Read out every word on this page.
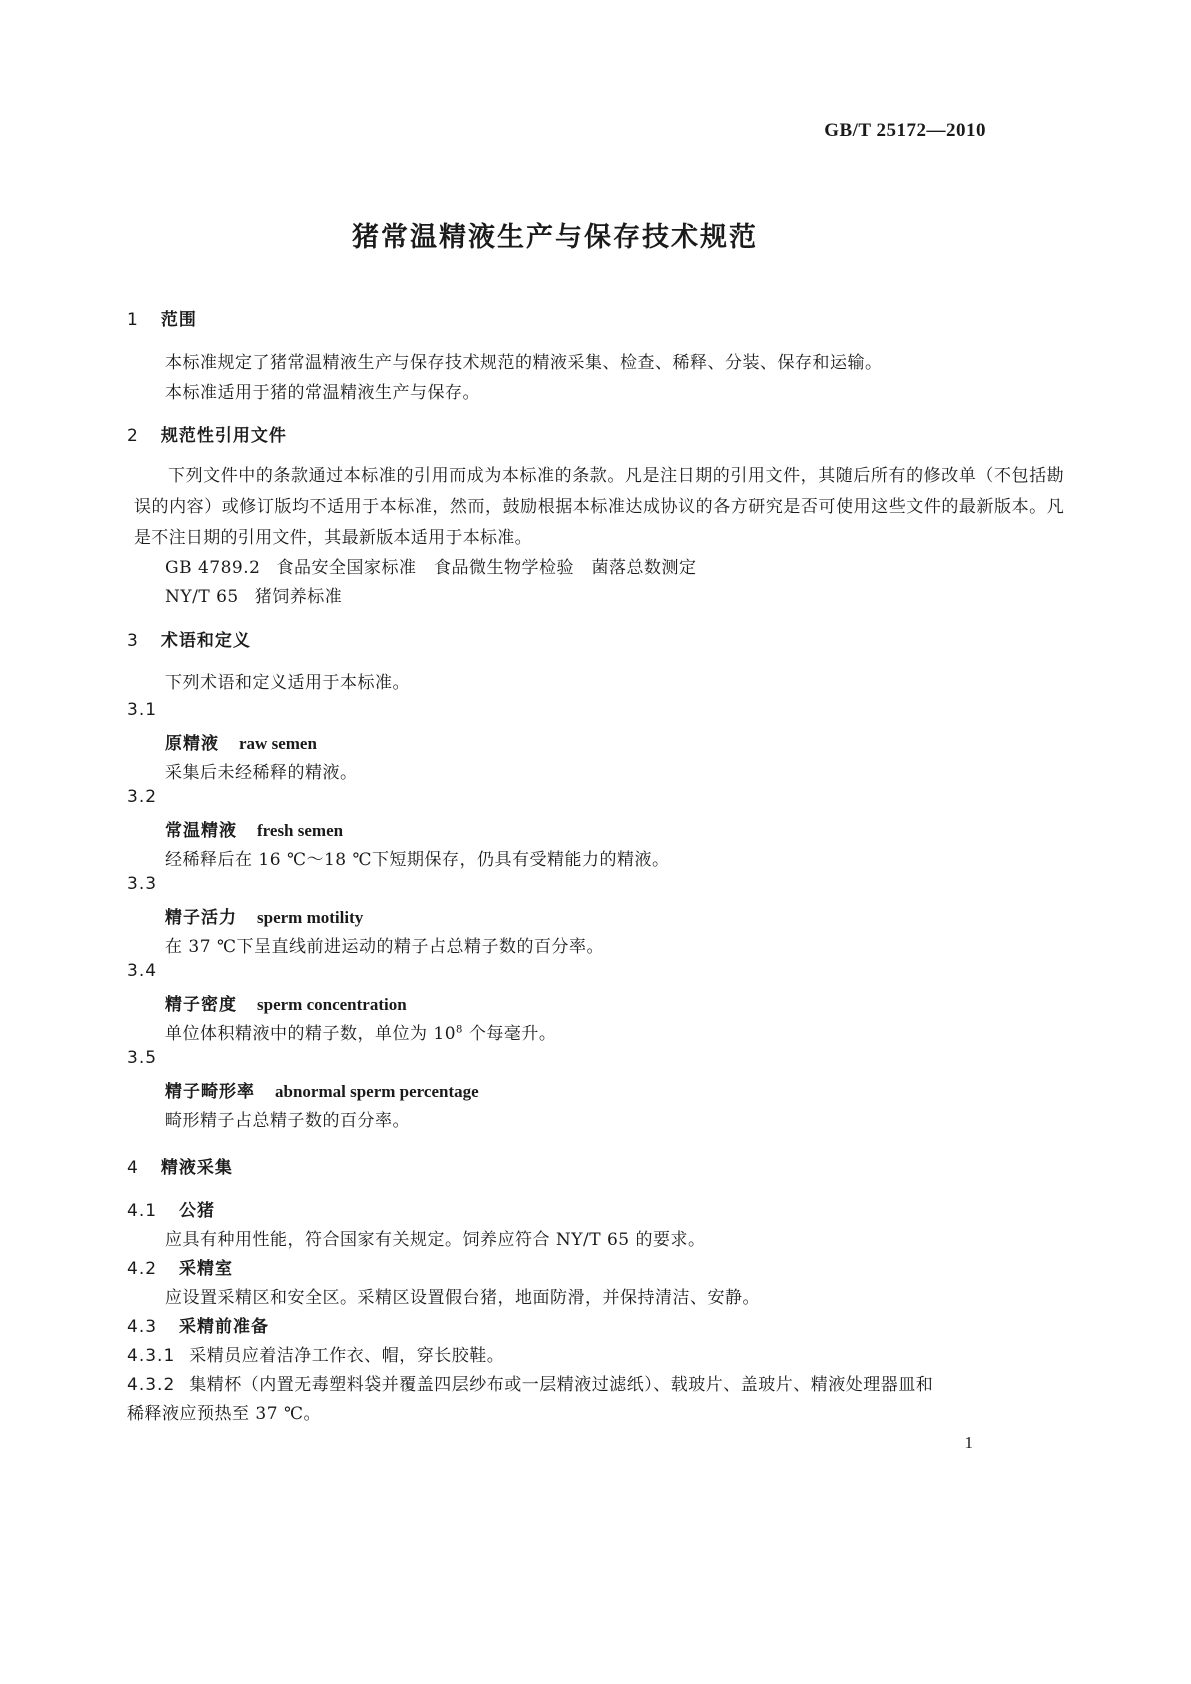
GB/T 25172—2010
猪常温精液生产与保存技术规范
1 范围
本标准规定了猪常温精液生产与保存技术规范的精液采集、检查、稀释、分装、保存和运输。
本标准适用于猪的常温精液生产与保存。
2 规范性引用文件
下列文件中的条款通过本标准的引用而成为本标准的条款。凡是注日期的引用文件，其随后所有的修改单（不包括勘误的内容）或修订版均不适用于本标准，然而，鼓励根据本标准达成协议的各方研究是否可使用这些文件的最新版本。凡是不注日期的引用文件，其最新版本适用于本标准。
GB 4789.2 食品安全国家标准　食品微生物学检验　菌落总数测定
NY/T 65 猪饲养标准
3 术语和定义
下列术语和定义适用于本标准。
3.1
原精液 raw semen
采集后未经稀释的精液。
3.2
常温精液 fresh semen
经稀释后在 16 ℃～18 ℃下短期保存，仍具有受精能力的精液。
3.3
精子活力 sperm motility
在 37 ℃下呈直线前进运动的精子占总精子数的百分率。
3.4
精子密度 sperm concentration
单位体积精液中的精子数，单位为 $10^8$ 个每毫升。
3.5
精子畸形率 abnormal sperm percentage
畸形精子占总精子数的百分率。
4 精液采集
4.1 公猪
应具有种用性能，符合国家有关规定。饲养应符合 NY/T 65 的要求。
4.2 采精室
应设置采精区和安全区。采精区设置假台猪，地面防滑，并保持清洁、安静。
4.3 采精前准备
4.3.1 采精员应着洁净工作衣、帽，穿长胶鞋。
4.3.2 集精杯（内置无毒塑料袋并覆盖四层纱布或一层精液过滤纸）、载玻片、盖玻片、精液处理器皿和
稀释液应预热至 37 ℃。
1
